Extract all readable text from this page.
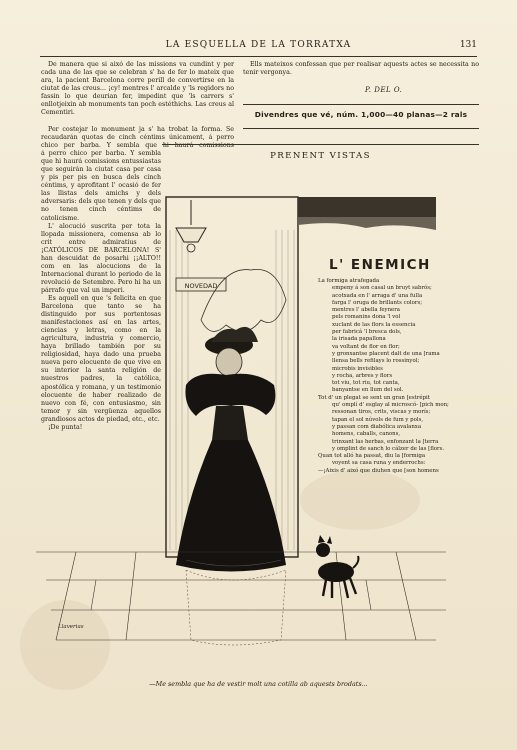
LA ESQUELLA DE LA TORRATXA	131

De manera que si aixó de las missions va cundint y per cada una de las que se celebran s' ha de fer lo mateix que ara, la pacient Barcelona corre perill de convertirse en la ciutat de las creus... ¡cy! mentres l' arcalde y 'ls regidors no fassin lo que deurian fer, impedint que 'ls carrers s' enllotjeixin ab monuments tan poch estéthichs. Las creus al Cementiri.

Per costejar lo monument ja s' ha trobat la forma. Se recaudarán quotas de cinch céntims únicament, á perro chico per barba. Y sembla que hi haurá comissions

á perro chico per barba. Y sembla que hi haurá comissions entussiastas que seguirán la ciutat casa per casa y pis per pis en busca dels cinch céntims, y aprofitant l' ocasió de fer las llistas dels amichs y dels adversaris: dels que tenen y dels que no tenen cinch céntims de catolicisme.

L' alocució suscrita per tota la llopada missionera, comensa ab lo crit entre admiratius de ¡CATÓLICOS DE BARCELONA! S' han descuidat de posarhi ¡¡ALTO!! com en las alocucions de la Internacional durant lo periodo de la revolució de Setembre. Pero hi ha un párrafo que val un imperi.

Es aquell en que 's felicita en que Barcelona que tanto se ha distinguido por sus portentosas manifestaciones así en las artes, ciencias y letras, como en la agricultura, industria y comercio, haya brillado también por su religiosidad, haya dado una prueba nueva pero elocuente de que vive en su interior la santa religión de nuestros padres, la católica, apostólica y romana, y un testimonio elocuente de haber realizado de nuevo con fé, con entusiasmo, sin temor y sin vergüenza aquellos grandiosos actos de piedad, etc., etc.

¡De punta!

Ells mateixos confessan que per realisar aquests actes se necessita no tenir vergonya.

P. DEL O.
Divendres que vé, núm. 1,000—40 planas—2 rals
PRENENT VISTAS
NOVEDAD
Llaverias
L' ENEMICH
La formiga atrafegada
empeny á son casal un bruyt sabrós;
acotxada en l' arraga d' una fulla
farga l' oruga de brillants colors;
mentres l' abella feynera
pels romanins dona 'l vol
xuclant de las flors la essencia
per fabricá 'l bresca dols,
la irisada papallona
va voltant de flor en flor;
y gronxantse placent dalt de una [rama
llensa bells refilays lo rossinyol;
microbis invisibles
y rocha, arbres y flors
tot viu, tot riu, tot canta,
banyantse en llum del sol.
Tot d' un plegat se sent un gran [estrépit
qu' omplí d' esglay al microscó- [pich mon;
ressonan tiros, crits, viscas y morís;
tapan el sol núvols de fum y pols,
y passan com diabólica avalanxa
homens, caballs, canons,
trinxant las herbas, enfonzant la [terra
y omplint de sanch lo cálzer de las [flors.
Quan tot alló ha passat, diu la [formiga
voyent sa casa runa y enderrochs:
—¡Aixis d' aixó que diuhen que [son homens
—Me sembla que ha de vestir molt una cotilla ab aquests brodats...
